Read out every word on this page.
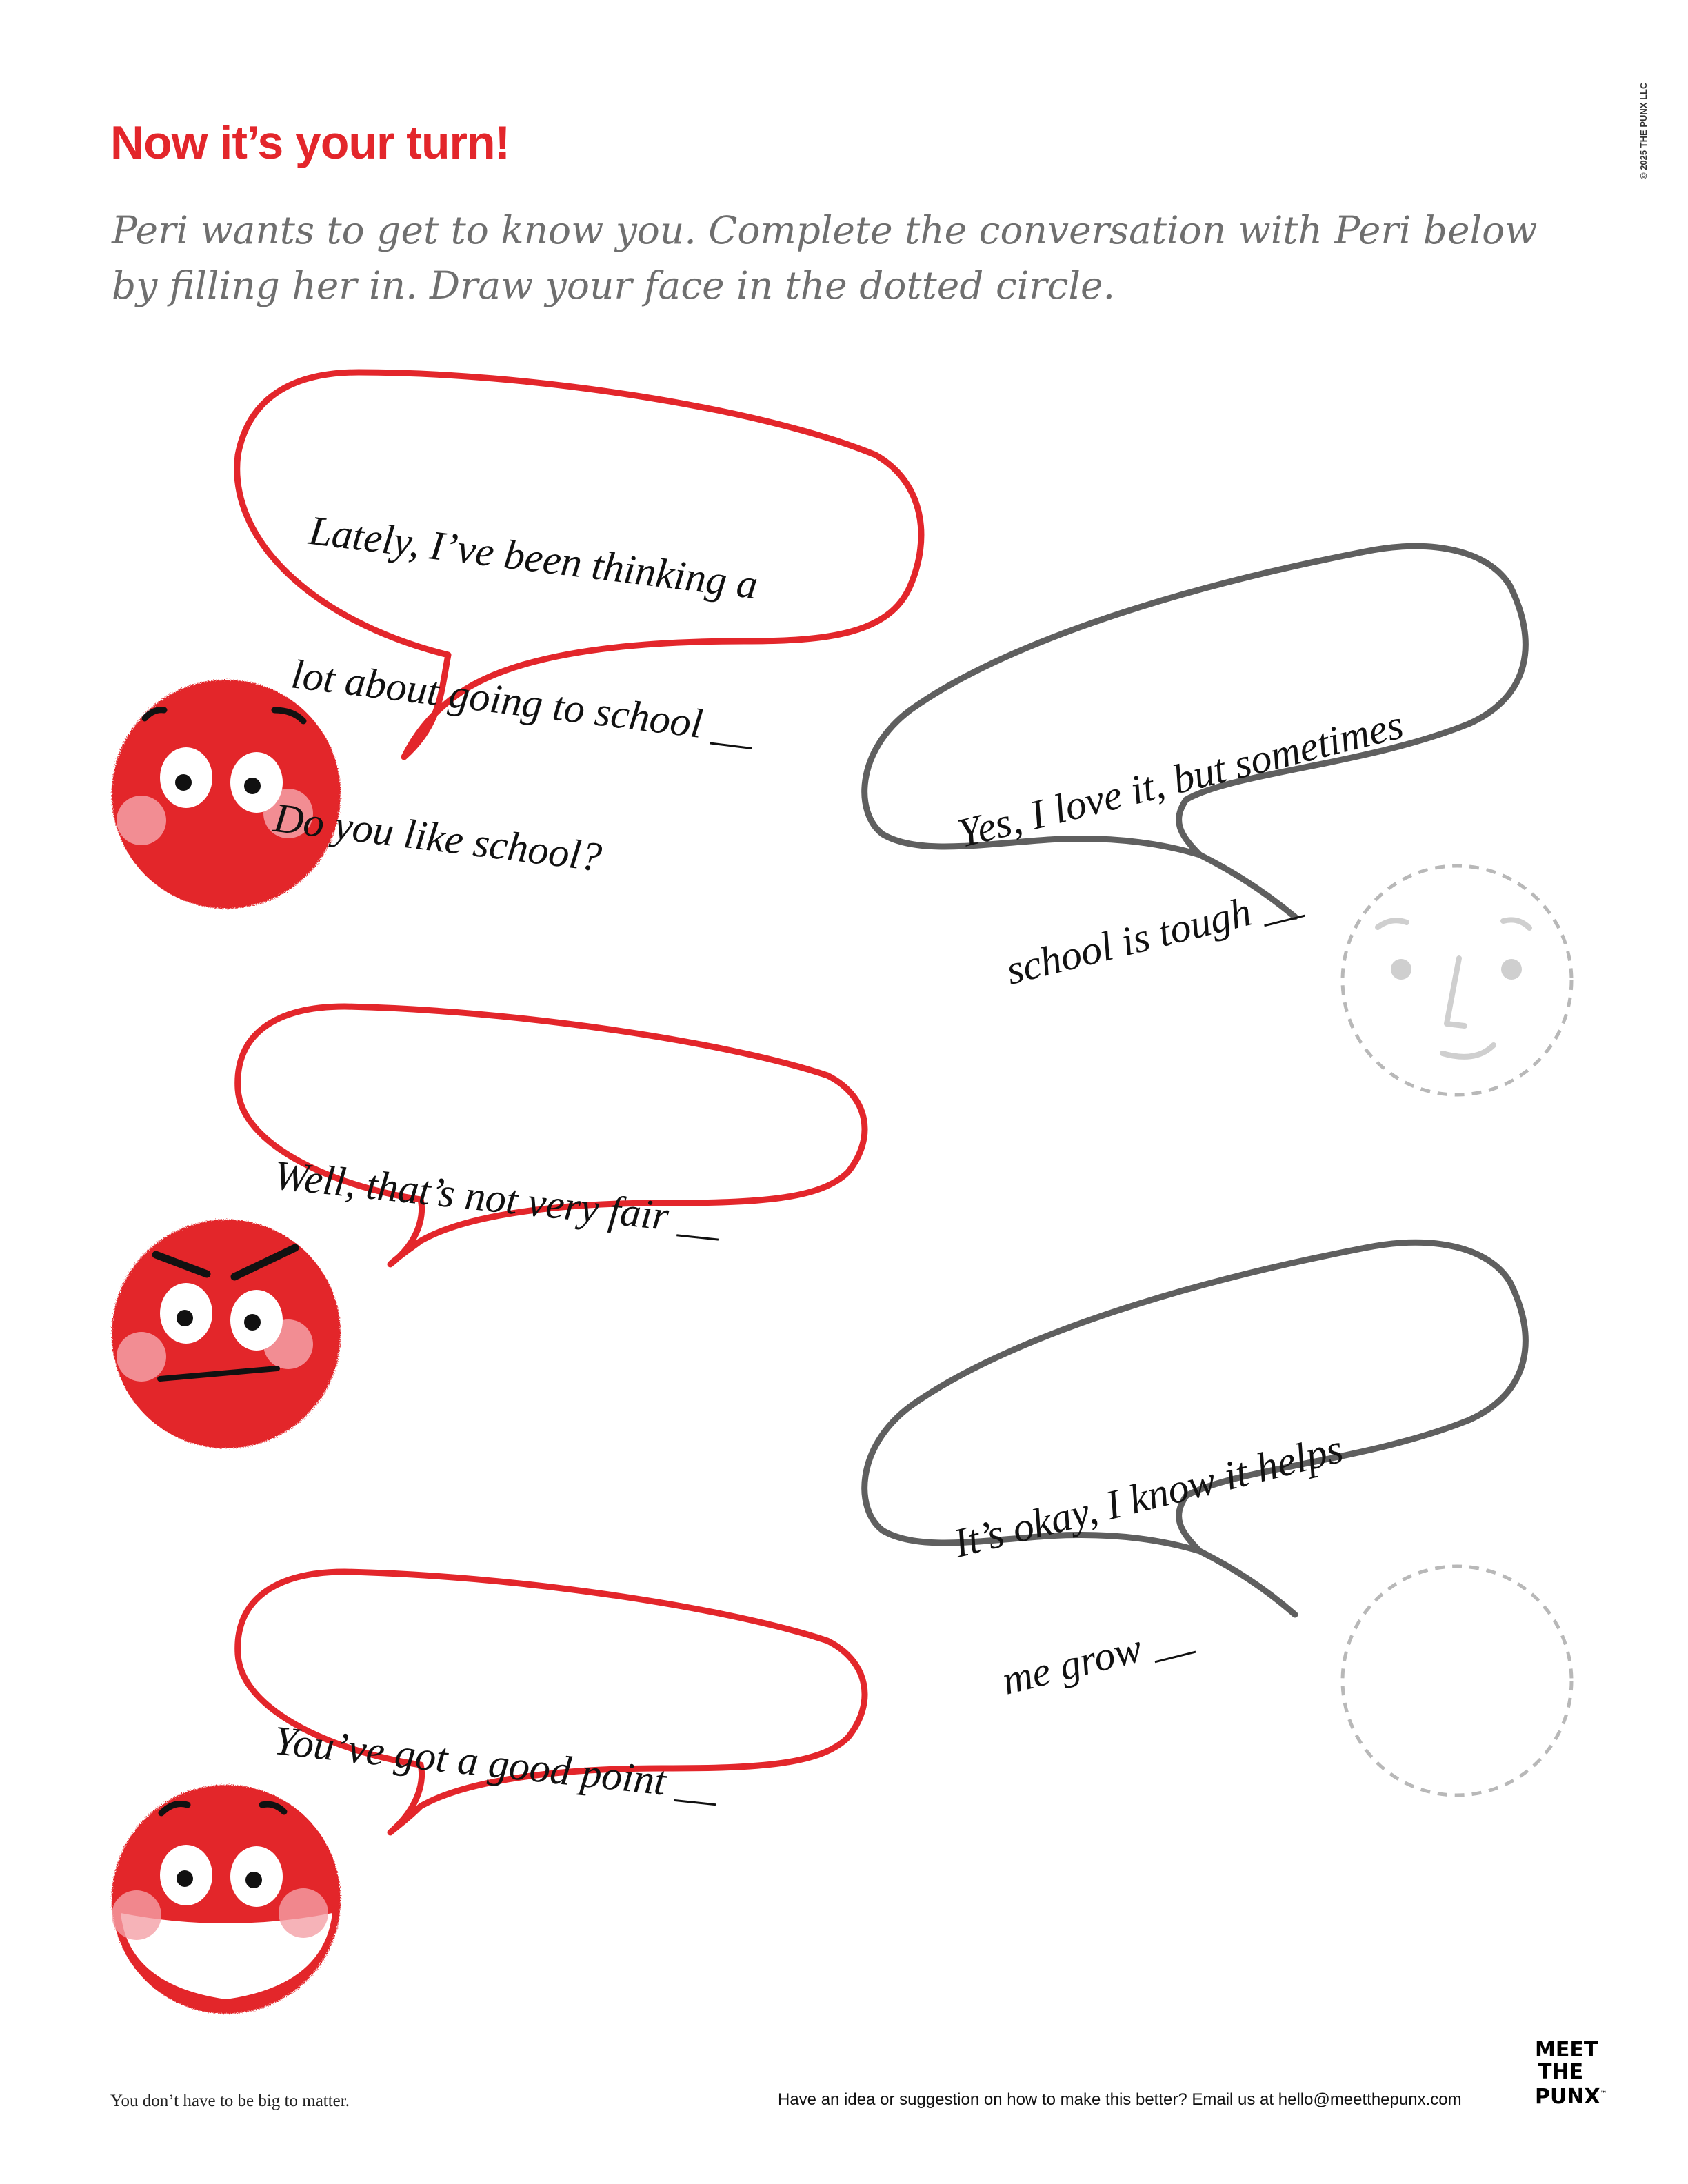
Now it’s your turn!
Peri wants to get to know you. Complete the conversation with Peri below by filling her in. Draw your face in the dotted circle.
© 2025 THE PUNX LLC

Lately, I’ve been thinking a

lot about going to school __

Do you like school?

	Yes, I love it, but sometimes

school is tough __

Well, that’s not very fair __

It’s okay, I know it helps

me grow __

You’ve got a good point __

You don’t have to be big to matter.	Have an idea or suggestion on how to make this better? Email us at hello@meetthepunx.com
MEET
THE
PUNX™
